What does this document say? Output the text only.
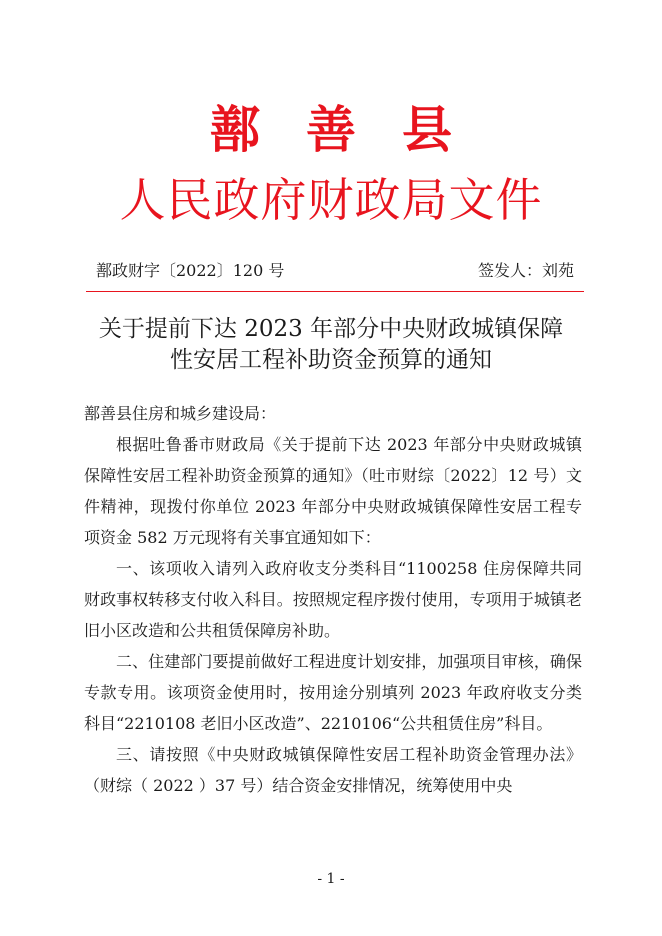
鄯善县
人民政府财政局文件
鄯政财字〔2022〕120 号	签发人：刘苑
关于提前下达 2023 年部分中央财政城镇保障
性安居工程补助资金预算的通知

鄯善县住房和城乡建设局：

根据吐鲁番市财政局《关于提前下达 2023 年部分中央财政城镇保障性安居工程补助资金预算的通知》（吐市财综〔2022〕12 号）文件精神，现拨付你单位 2023 年部分中央财政城镇保障性安居工程专项资金 582 万元现将有关事宜通知如下：

一、该项收入请列入政府收支分类科目“1100258 住房保障共同财政事权转移支付收入科目。按照规定程序拨付使用，专项用于城镇老旧小区改造和公共租赁保障房补助。

二、住建部门要提前做好工程进度计划安排，加强项目审核，确保专款专用。该项资金使用时，按用途分别填列 2023 年政府收支分类科目“2210108 老旧小区改造”、2210106“公共租赁住房”科目。

三、请按照《中央财政城镇保障性安居工程补助资金管理办法》（财综（ 2022 ）37 号）结合资金安排情况，统筹使用中央

- 1 -
